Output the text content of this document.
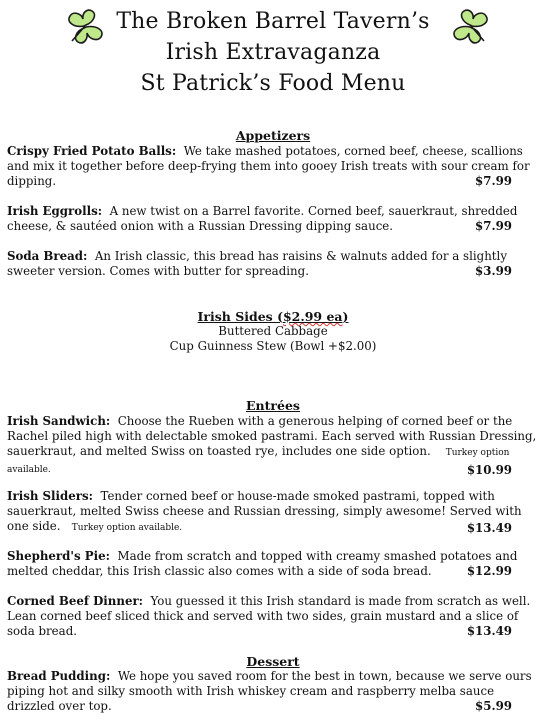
The Broken Barrel Tavern’s
Irish Extravaganza
St Patrick’s Food Menu
Appetizers
Crispy Fried Potato Balls: We take mashed potatoes, corned beef, cheese, scallions and mix it together before deep-frying them into gooey Irish treats with sour cream for dipping.	$7.99
Irish Eggrolls: A new twist on a Barrel favorite. Corned beef, sauerkraut, shredded cheese, & sautéed onion with a Russian Dressing dipping sauce.	$7.99
Soda Bread: An Irish classic, this bread has raisins & walnuts added for a slightly sweeter version. Comes with butter for spreading.	$3.99
Irish Sides ($2.99 ea)
Buttered Cabbage
Cup Guinness Stew (Bowl +$2.00)
Entrées
Irish Sandwich: Choose the Rueben with a generous helping of corned beef or the Rachel piled high with delectable smoked pastrami. Each served with Russian Dressing, sauerkraut, and melted Swiss on toasted rye, includes one side option. Turkey option available.	$10.99
Irish Sliders: Tender corned beef or house-made smoked pastrami, topped with sauerkraut, melted Swiss cheese and Russian dressing, simply awesome! Served with one side. Turkey option available.	$13.49
Shepherd's Pie: Made from scratch and topped with creamy smashed potatoes and melted cheddar, this Irish classic also comes with a side of soda bread.	$12.99
Corned Beef Dinner: You guessed it this Irish standard is made from scratch as well. Lean corned beef sliced thick and served with two sides, grain mustard and a slice of soda bread.	$13.49
Dessert
Bread Pudding: We hope you saved room for the best in town, because we serve ours piping hot and silky smooth with Irish whiskey cream and raspberry melba sauce drizzled over top.	$5.99
